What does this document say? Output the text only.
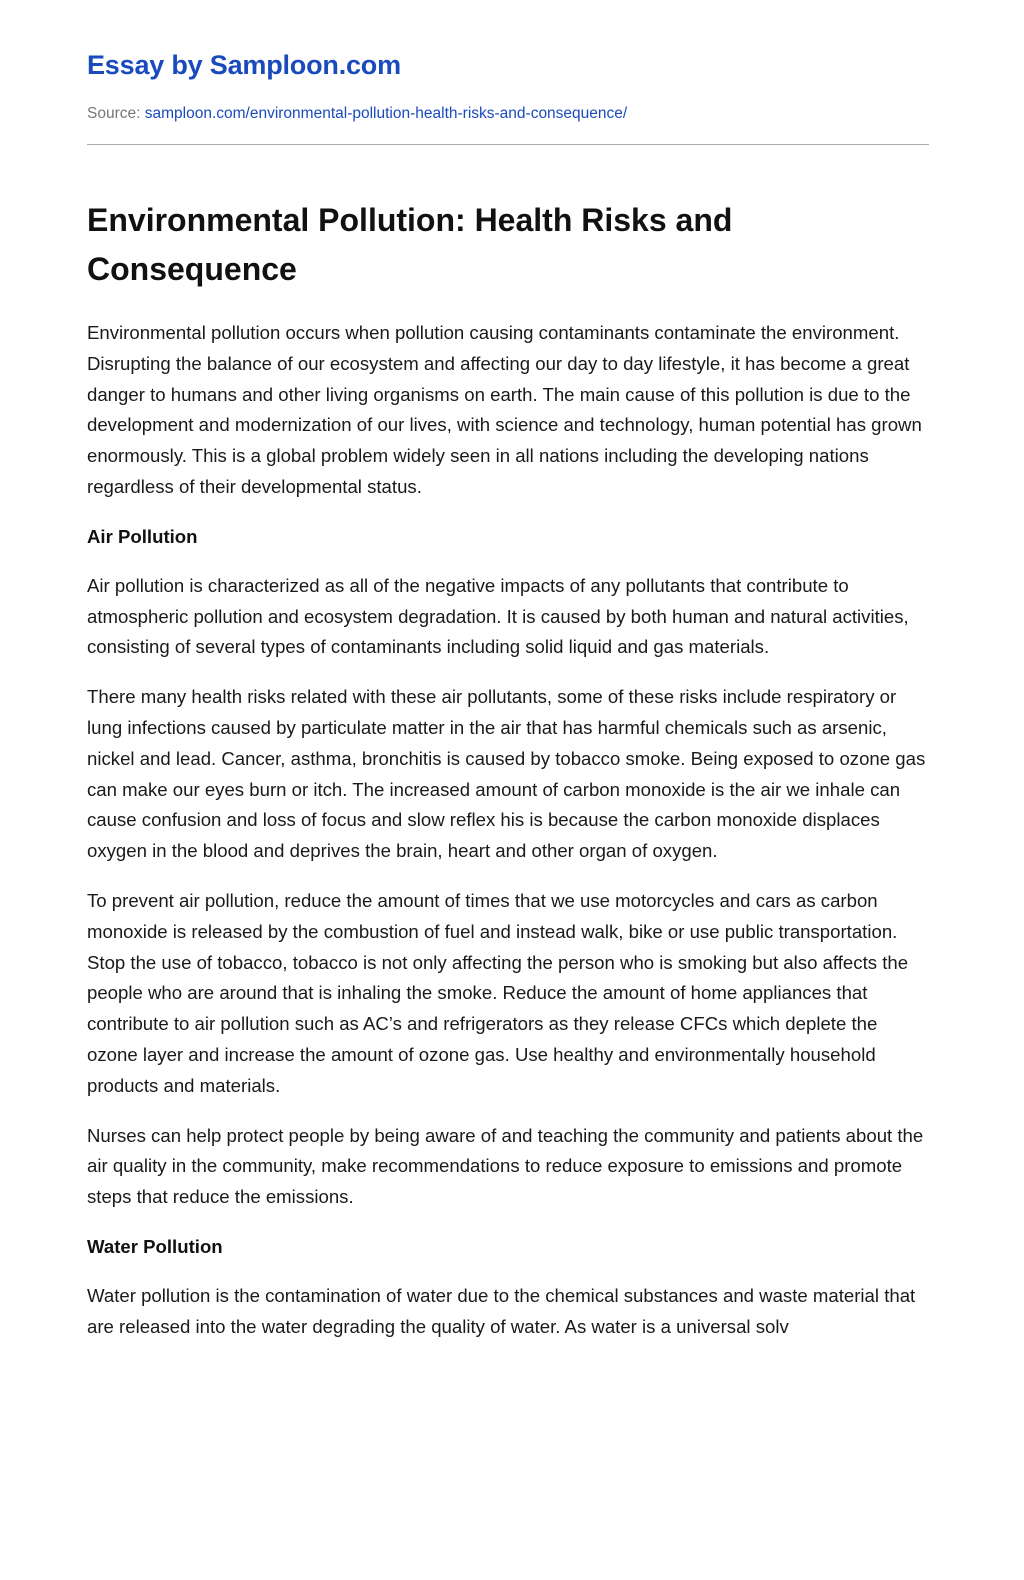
Essay by Samploon.com
Source: samploon.com/environmental-pollution-health-risks-and-consequence/
Environmental Pollution: Health Risks and Consequence

Environmental pollution occurs when pollution causing contaminants contaminate the environment. Disrupting the balance of our ecosystem and affecting our day to day lifestyle, it has become a great danger to humans and other living organisms on earth. The main cause of this pollution is due to the development and modernization of our lives, with science and technology, human potential has grown enormously. This is a global problem widely seen in all nations including the developing nations regardless of their developmental status.

Air Pollution

Air pollution is characterized as all of the negative impacts of any pollutants that contribute to atmospheric pollution and ecosystem degradation. It is caused by both human and natural activities, consisting of several types of contaminants including solid liquid and gas materials.

There many health risks related with these air pollutants, some of these risks include respiratory or lung infections caused by particulate matter in the air that has harmful chemicals such as arsenic, nickel and lead. Cancer, asthma, bronchitis is caused by tobacco smoke. Being exposed to ozone gas can make our eyes burn or itch. The increased amount of carbon monoxide is the air we inhale can cause confusion and loss of focus and slow reflex his is because the carbon monoxide displaces oxygen in the blood and deprives the brain, heart and other organ of oxygen.

To prevent air pollution, reduce the amount of times that we use motorcycles and cars as carbon monoxide is released by the combustion of fuel and instead walk, bike or use public transportation. Stop the use of tobacco, tobacco is not only affecting the person who is smoking but also affects the people who are around that is inhaling the smoke. Reduce the amount of home appliances that contribute to air pollution such as AC’s and refrigerators as they release CFCs which deplete the ozone layer and increase the amount of ozone gas. Use healthy and environmentally household products and materials.

Nurses can help protect people by being aware of and teaching the community and patients about the air quality in the community, make recommendations to reduce exposure to emissions and promote steps that reduce the emissions.

Water Pollution

Water pollution is the contamination of water due to the chemical substances and waste material that are released into the water degrading the quality of water. As water is a universal solv
